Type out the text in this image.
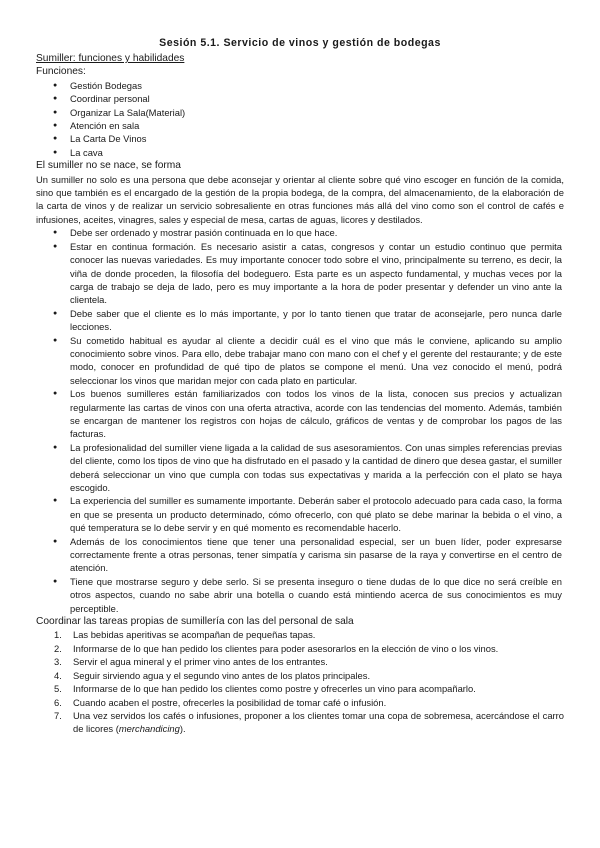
Sesión 5.1. Servicio de vinos y gestión de bodegas

Sumiller: funciones y habilidades

Funciones:

● Gestión Bodegas
● Coordinar personal
● Organizar La Sala(Material)
● Atención en sala
● La Carta De Vinos
● La cava

El sumiller no se nace, se forma

Un sumiller no solo es una persona que debe aconsejar y orientar al cliente sobre qué vino escoger en función de la comida, sino que también es el encargado de la gestión de la propia bodega, de la compra, del almacenamiento, de la elaboración de la carta de vinos y de realizar un servicio sobresaliente en otras funciones más allá del vino como son el control de cafés e infusiones, aceites, vinagres, sales y especial de mesa, cartas de aguas, licores y destilados.

● Debe ser ordenado y mostrar pasión continuada en lo que hace.
● Estar en continua formación. Es necesario asistir a catas, congresos y contar un estudio continuo que permita conocer las nuevas variedades. Es muy importante conocer todo sobre el vino, principalmente su terreno, es decir, la viña de donde proceden, la filosofía del bodeguero. Esta parte es un aspecto fundamental, y muchas veces por la carga de trabajo se deja de lado, pero es muy importante a la hora de poder presentar y defender un vino ante la clientela.
● Debe saber que el cliente es lo más importante, y por lo tanto tienen que tratar de aconsejarle, pero nunca darle lecciones.
● Su cometido habitual es ayudar al cliente a decidir cuál es el vino que más le conviene, aplicando su amplio conocimiento sobre vinos. Para ello, debe trabajar mano con mano con el chef y el gerente del restaurante; y de este modo, conocer en profundidad de qué tipo de platos se compone el menú. Una vez conocido el menú, podrá seleccionar los vinos que maridan mejor con cada plato en particular.
● Los buenos sumilleres están familiarizados con todos los vinos de la lista, conocen sus precios y actualizan regularmente las cartas de vinos con una oferta atractiva, acorde con las tendencias del momento. Además, también se encargan de mantener los registros con hojas de cálculo, gráficos de ventas y de comprobar los pagos de las facturas.
● La profesionalidad del sumiller viene ligada a la calidad de sus asesoramientos. Con unas simples referencias previas del cliente, como los tipos de vino que ha disfrutado en el pasado y la cantidad de dinero que desea gastar, el sumiller deberá seleccionar un vino que cumpla con todas sus expectativas y marida a la perfección con el plato se haya escogido.
● La experiencia del sumiller es sumamente importante. Deberán saber el protocolo adecuado para cada caso, la forma en que se presenta un producto determinado, cómo ofrecerlo, con qué plato se debe marinar la bebida o el vino, a qué temperatura se lo debe servir y en qué momento es recomendable hacerlo.
● Además de los conocimientos tiene que tener una personalidad especial, ser un buen líder, poder expresarse correctamente frente a otras personas, tener simpatía y carisma sin pasarse de la raya y convertirse en el centro de atención.
● Tiene que mostrarse seguro y debe serlo. Si se presenta inseguro o tiene dudas de lo que dice no será creíble en otros aspectos, cuando no sabe abrir una botella o cuando está mintiendo acerca de sus conocimientos es muy perceptible.

Coordinar las tareas propias de sumillería con las del personal de sala

1. Las bebidas aperitivas se acompañan de pequeñas tapas.
2. Informarse de lo que han pedido los clientes para poder asesorarlos en la elección de vino o los vinos.
3. Servir el agua mineral y el primer vino antes de los entrantes.
4. Seguir sirviendo agua y el segundo vino antes de los platos principales.
5. Informarse de lo que han pedido los clientes como postre y ofrecerles un vino para acompañarlo.
6. Cuando acaben el postre, ofrecerles la posibilidad de tomar café o infusión.
7. Una vez servidos los cafés o infusiones, proponer a los clientes tomar una copa de sobremesa, acercándose el carro de licores (merchandicing).
